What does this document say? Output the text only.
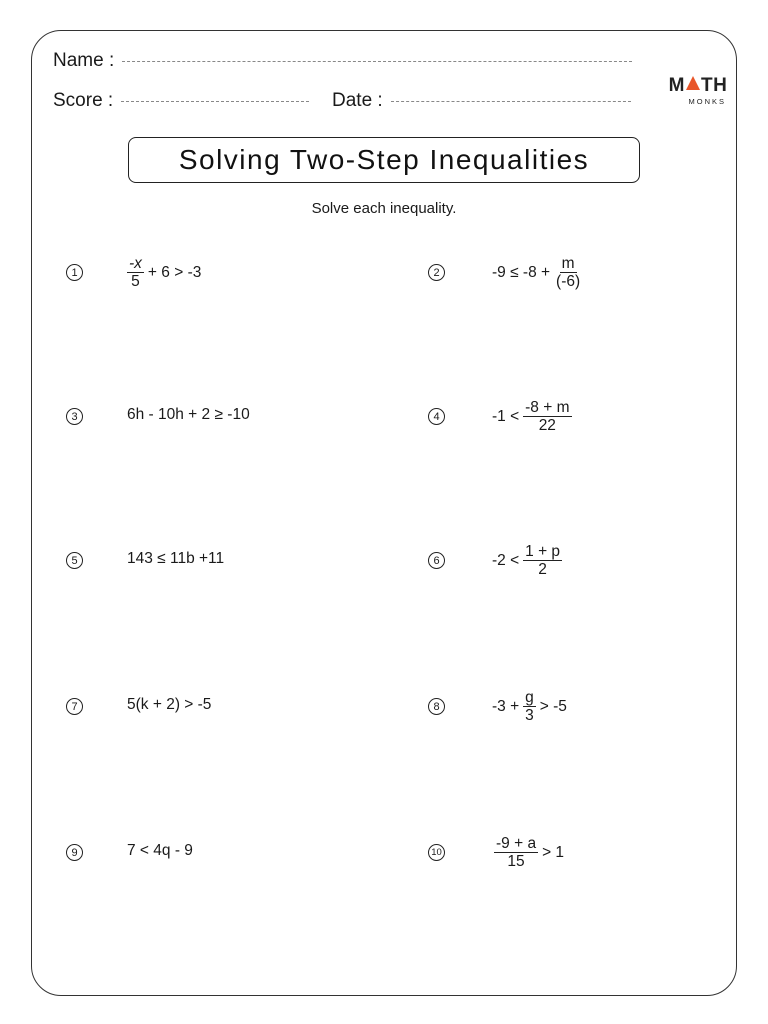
Name :
Score :	Date :
M TH
MONKS
Solving Two-Step Inequalities
Solve each inequality.
1	$\frac{-x}{5} + 6 > -3$	2	$-9 \le -8 + \frac{m}{(-6)}$
3	6h - 10h + 2 ≥ -10	4	$-1 < \frac{-8 + m}{22}$
5	143 ≤ 11b +11	6	$-2 < \frac{1 + p}{2}$
7	5(k + 2) > -5	8	$-3 + \frac{g}{3} > -5$
9	7 < 4q - 9	10	$\frac{-9 + a}{15} > 1$
